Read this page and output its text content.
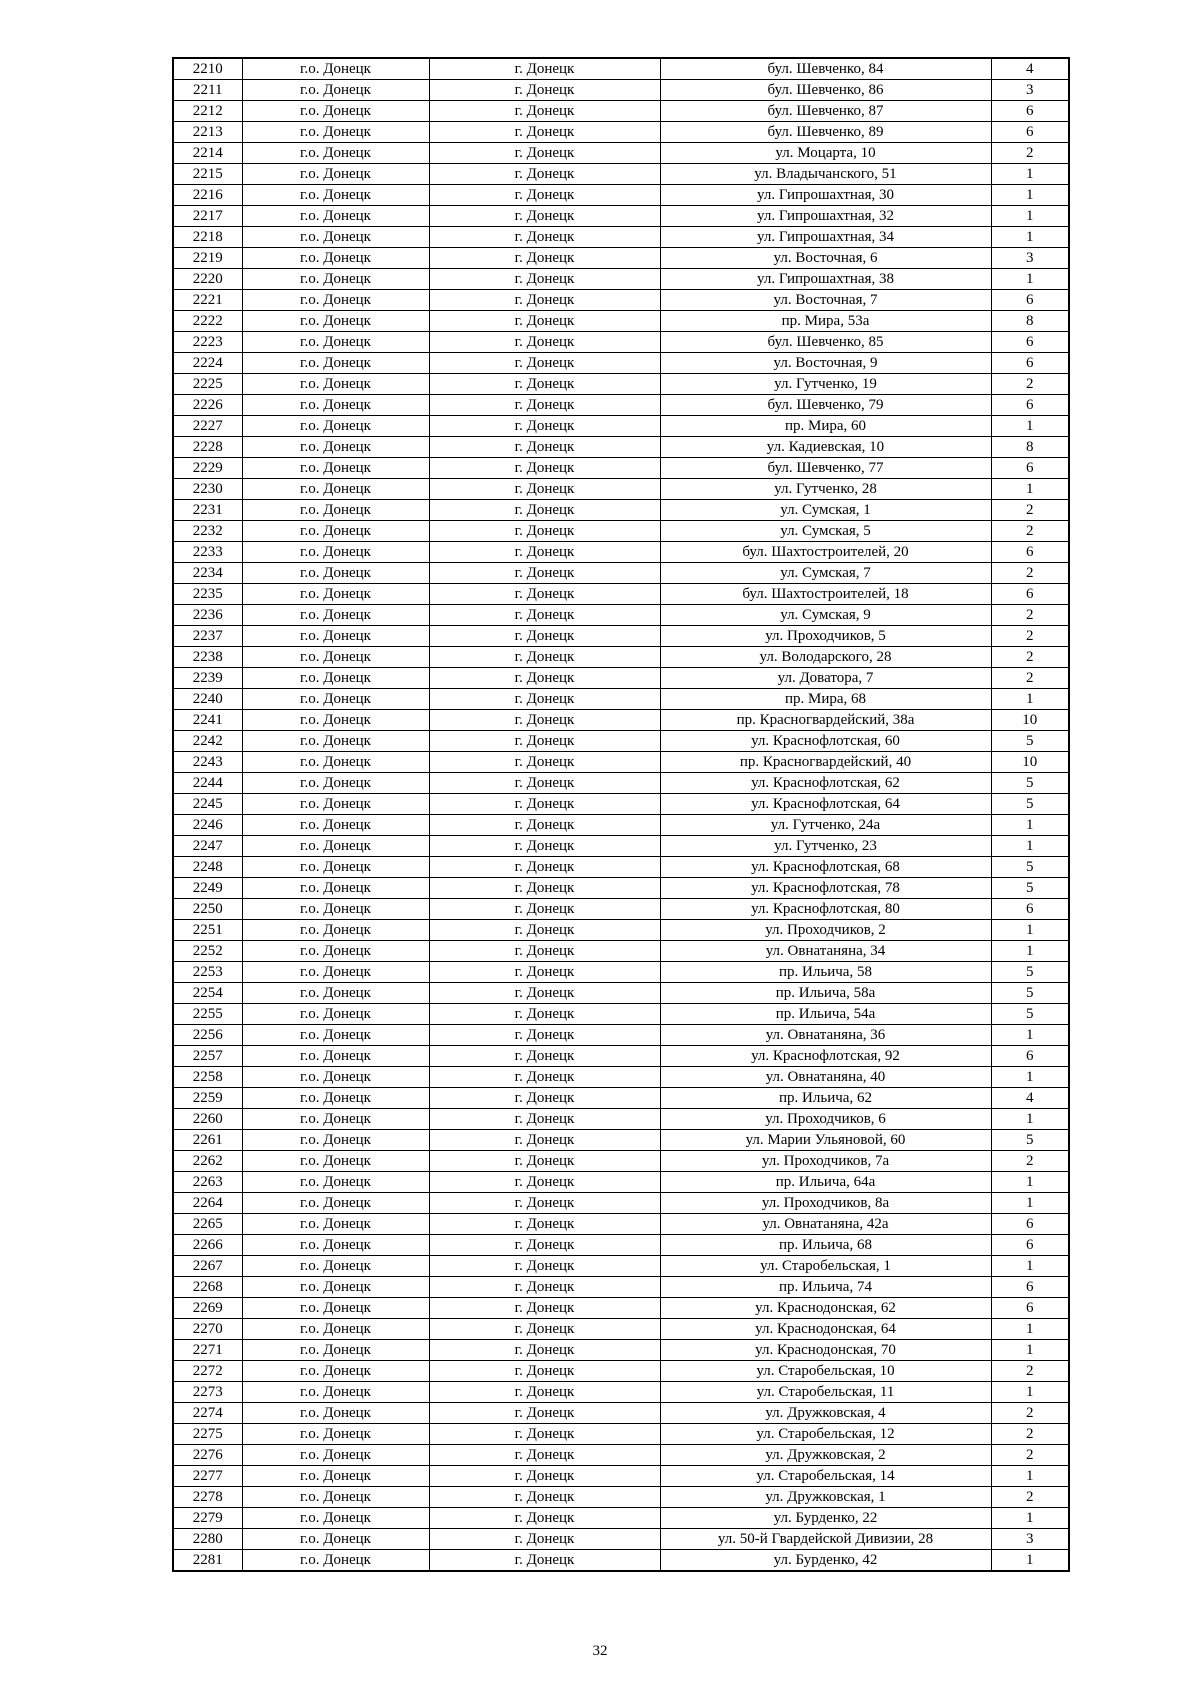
2210	г.о. Донецк	г. Донецк	бул. Шевченко, 84	4
2211	г.о. Донецк	г. Донецк	бул. Шевченко, 86	3
2212	г.о. Донецк	г. Донецк	бул. Шевченко, 87	6
2213	г.о. Донецк	г. Донецк	бул. Шевченко, 89	6
2214	г.о. Донецк	г. Донецк	ул. Моцарта, 10	2
2215	г.о. Донецк	г. Донецк	ул. Владычанского, 51	1
2216	г.о. Донецк	г. Донецк	ул. Гипрошахтная, 30	1
2217	г.о. Донецк	г. Донецк	ул. Гипрошахтная, 32	1
2218	г.о. Донецк	г. Донецк	ул. Гипрошахтная, 34	1
2219	г.о. Донецк	г. Донецк	ул. Восточная, 6	3
2220	г.о. Донецк	г. Донецк	ул. Гипрошахтная, 38	1
2221	г.о. Донецк	г. Донецк	ул. Восточная, 7	6
2222	г.о. Донецк	г. Донецк	пр. Мира, 53а	8
2223	г.о. Донецк	г. Донецк	бул. Шевченко, 85	6
2224	г.о. Донецк	г. Донецк	ул. Восточная, 9	6
2225	г.о. Донецк	г. Донецк	ул. Гутченко, 19	2
2226	г.о. Донецк	г. Донецк	бул. Шевченко, 79	6
2227	г.о. Донецк	г. Донецк	пр. Мира, 60	1
2228	г.о. Донецк	г. Донецк	ул. Кадиевская, 10	8
2229	г.о. Донецк	г. Донецк	бул. Шевченко, 77	6
2230	г.о. Донецк	г. Донецк	ул. Гутченко, 28	1
2231	г.о. Донецк	г. Донецк	ул. Сумская, 1	2
2232	г.о. Донецк	г. Донецк	ул. Сумская, 5	2
2233	г.о. Донецк	г. Донецк	бул. Шахтостроителей, 20	6
2234	г.о. Донецк	г. Донецк	ул. Сумская, 7	2
2235	г.о. Донецк	г. Донецк	бул. Шахтостроителей, 18	6
2236	г.о. Донецк	г. Донецк	ул. Сумская, 9	2
2237	г.о. Донецк	г. Донецк	ул. Проходчиков, 5	2
2238	г.о. Донецк	г. Донецк	ул. Володарского, 28	2
2239	г.о. Донецк	г. Донецк	ул. Доватора, 7	2
2240	г.о. Донецк	г. Донецк	пр. Мира, 68	1
2241	г.о. Донецк	г. Донецк	пр. Красногвардейский, 38а	10
2242	г.о. Донецк	г. Донецк	ул. Краснофлотская, 60	5
2243	г.о. Донецк	г. Донецк	пр. Красногвардейский, 40	10
2244	г.о. Донецк	г. Донецк	ул. Краснофлотская, 62	5
2245	г.о. Донецк	г. Донецк	ул. Краснофлотская, 64	5
2246	г.о. Донецк	г. Донецк	ул. Гутченко, 24а	1
2247	г.о. Донецк	г. Донецк	ул. Гутченко, 23	1
2248	г.о. Донецк	г. Донецк	ул. Краснофлотская, 68	5
2249	г.о. Донецк	г. Донецк	ул. Краснофлотская, 78	5
2250	г.о. Донецк	г. Донецк	ул. Краснофлотская, 80	6
2251	г.о. Донецк	г. Донецк	ул. Проходчиков, 2	1
2252	г.о. Донецк	г. Донецк	ул. Овнатаняна, 34	1
2253	г.о. Донецк	г. Донецк	пр. Ильича, 58	5
2254	г.о. Донецк	г. Донецк	пр. Ильича, 58а	5
2255	г.о. Донецк	г. Донецк	пр. Ильича, 54а	5
2256	г.о. Донецк	г. Донецк	ул. Овнатаняна, 36	1
2257	г.о. Донецк	г. Донецк	ул. Краснофлотская, 92	6
2258	г.о. Донецк	г. Донецк	ул. Овнатаняна, 40	1
2259	г.о. Донецк	г. Донецк	пр. Ильича, 62	4
2260	г.о. Донецк	г. Донецк	ул. Проходчиков, 6	1
2261	г.о. Донецк	г. Донецк	ул. Марии Ульяновой, 60	5
2262	г.о. Донецк	г. Донецк	ул. Проходчиков, 7а	2
2263	г.о. Донецк	г. Донецк	пр. Ильича, 64а	1
2264	г.о. Донецк	г. Донецк	ул. Проходчиков, 8а	1
2265	г.о. Донецк	г. Донецк	ул. Овнатаняна, 42а	6
2266	г.о. Донецк	г. Донецк	пр. Ильича, 68	6
2267	г.о. Донецк	г. Донецк	ул. Старобельская, 1	1
2268	г.о. Донецк	г. Донецк	пр. Ильича, 74	6
2269	г.о. Донецк	г. Донецк	ул. Краснодонская, 62	6
2270	г.о. Донецк	г. Донецк	ул. Краснодонская, 64	1
2271	г.о. Донецк	г. Донецк	ул. Краснодонская, 70	1
2272	г.о. Донецк	г. Донецк	ул. Старобельская, 10	2
2273	г.о. Донецк	г. Донецк	ул. Старобельская, 11	1
2274	г.о. Донецк	г. Донецк	ул. Дружковская, 4	2
2275	г.о. Донецк	г. Донецк	ул. Старобельская, 12	2
2276	г.о. Донецк	г. Донецк	ул. Дружковская, 2	2
2277	г.о. Донецк	г. Донецк	ул. Старобельская, 14	1
2278	г.о. Донецк	г. Донецк	ул. Дружковская, 1	2
2279	г.о. Донецк	г. Донецк	ул. Бурденко, 22	1
2280	г.о. Донецк	г. Донецк	ул. 50-й Гвардейской Дивизии, 28	3
2281	г.о. Донецк	г. Донецк	ул. Бурденко, 42	1
32
